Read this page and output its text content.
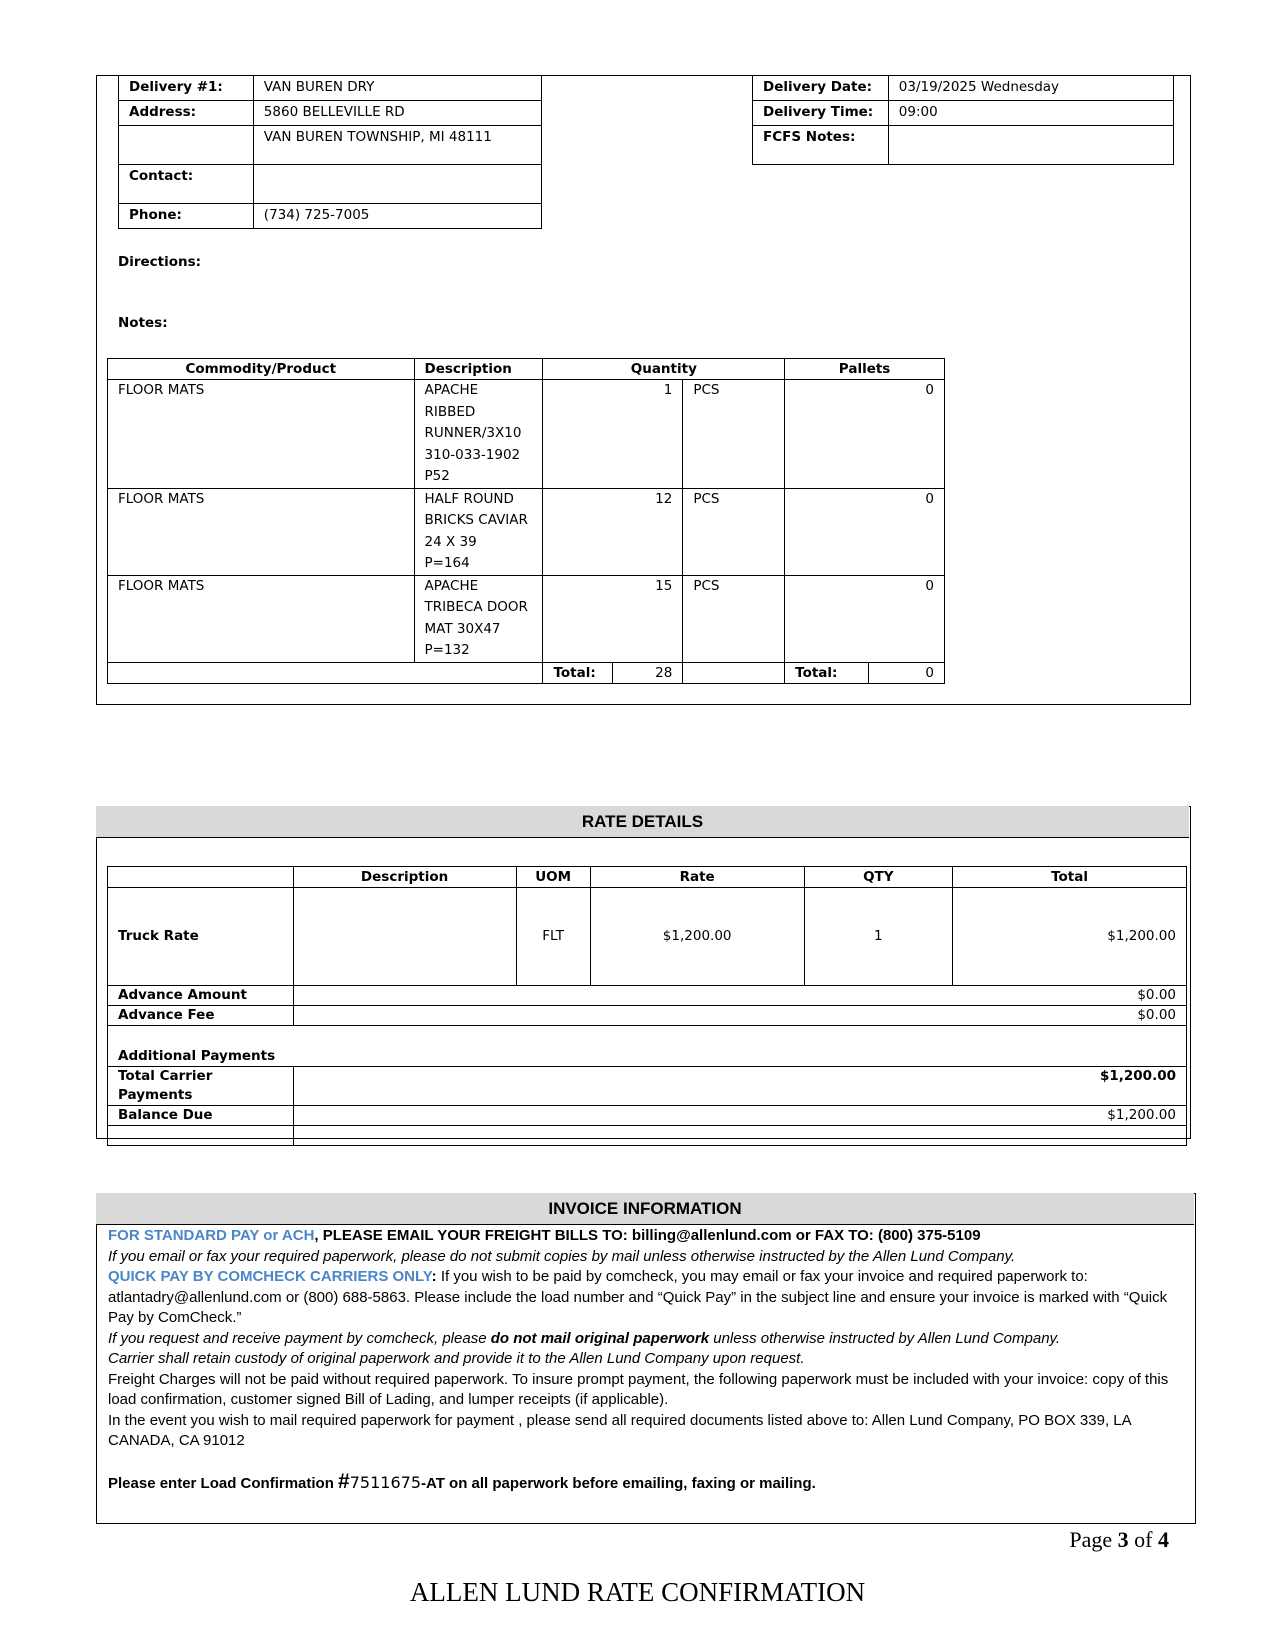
Delivery #1:	VAN BUREN DRY
Address:	5860 BELLEVILLE RD
	VAN BUREN TOWNSHIP, MI 48111
Contact:	
Phone:	(734) 725-7005
Delivery Date:	03/19/2025 Wednesday
Delivery Time:	09:00
FCFS Notes:	
Directions:
Notes:
Commodity/Product	Description	Quantity			Pallets	
FLOOR MATS	APACHE
RIBBED
RUNNER/3X10
310-033-1902
P52	1		PCS	0	
FLOOR MATS	HALF ROUND
BRICKS CAVIAR
24 X 39
P=164	12		PCS	0	
FLOOR MATS	APACHE
TRIBECA DOOR
MAT 30X47
P=132	15		PCS	0	
		Total:	28		Total:	0
RATE DETAILS
	Description	UOM	Rate	QTY	Total
Truck Rate		FLT	$1,200.00	1	$1,200.00
Advance Amount	$0.00				
Advance Fee	$0.00				
Additional Payments					
Total Carrier Payments	$1,200.00				
Balance Due	$1,200.00				

INVOICE INFORMATION
FOR STANDARD PAY or ACH, PLEASE EMAIL YOUR FREIGHT BILLS TO: billing@allenlund.com or FAX TO: (800) 375-5109
If you email or fax your required paperwork, please do not submit copies by mail unless otherwise instructed by the Allen Lund Company.
QUICK PAY BY COMCHECK CARRIERS ONLY: If you wish to be paid by comcheck, you may email or fax your invoice and required paperwork to: atlantadry@allenlund.com or (800) 688-5863. Please include the load number and “Quick Pay” in the subject line and ensure your invoice is marked with “Quick Pay by ComCheck.”
If you request and receive payment by comcheck, please do not mail original paperwork unless otherwise instructed by Allen Lund Company.
Carrier shall retain custody of original paperwork and provide it to the Allen Lund Company upon request.
Freight Charges will not be paid without required paperwork. To insure prompt payment, the following paperwork must be included with your invoice: copy of this load confirmation, customer signed Bill of Lading, and lumper receipts (if applicable).
In the event you wish to mail required paperwork for payment , please send all required documents listed above to: Allen Lund Company, PO BOX 339, LA CANADA, CA 91012
Please enter Load Confirmation #7511675-AT on all paperwork before emailing, faxing or mailing.
Page 3 of 4
ALLEN LUND RATE CONFIRMATION
